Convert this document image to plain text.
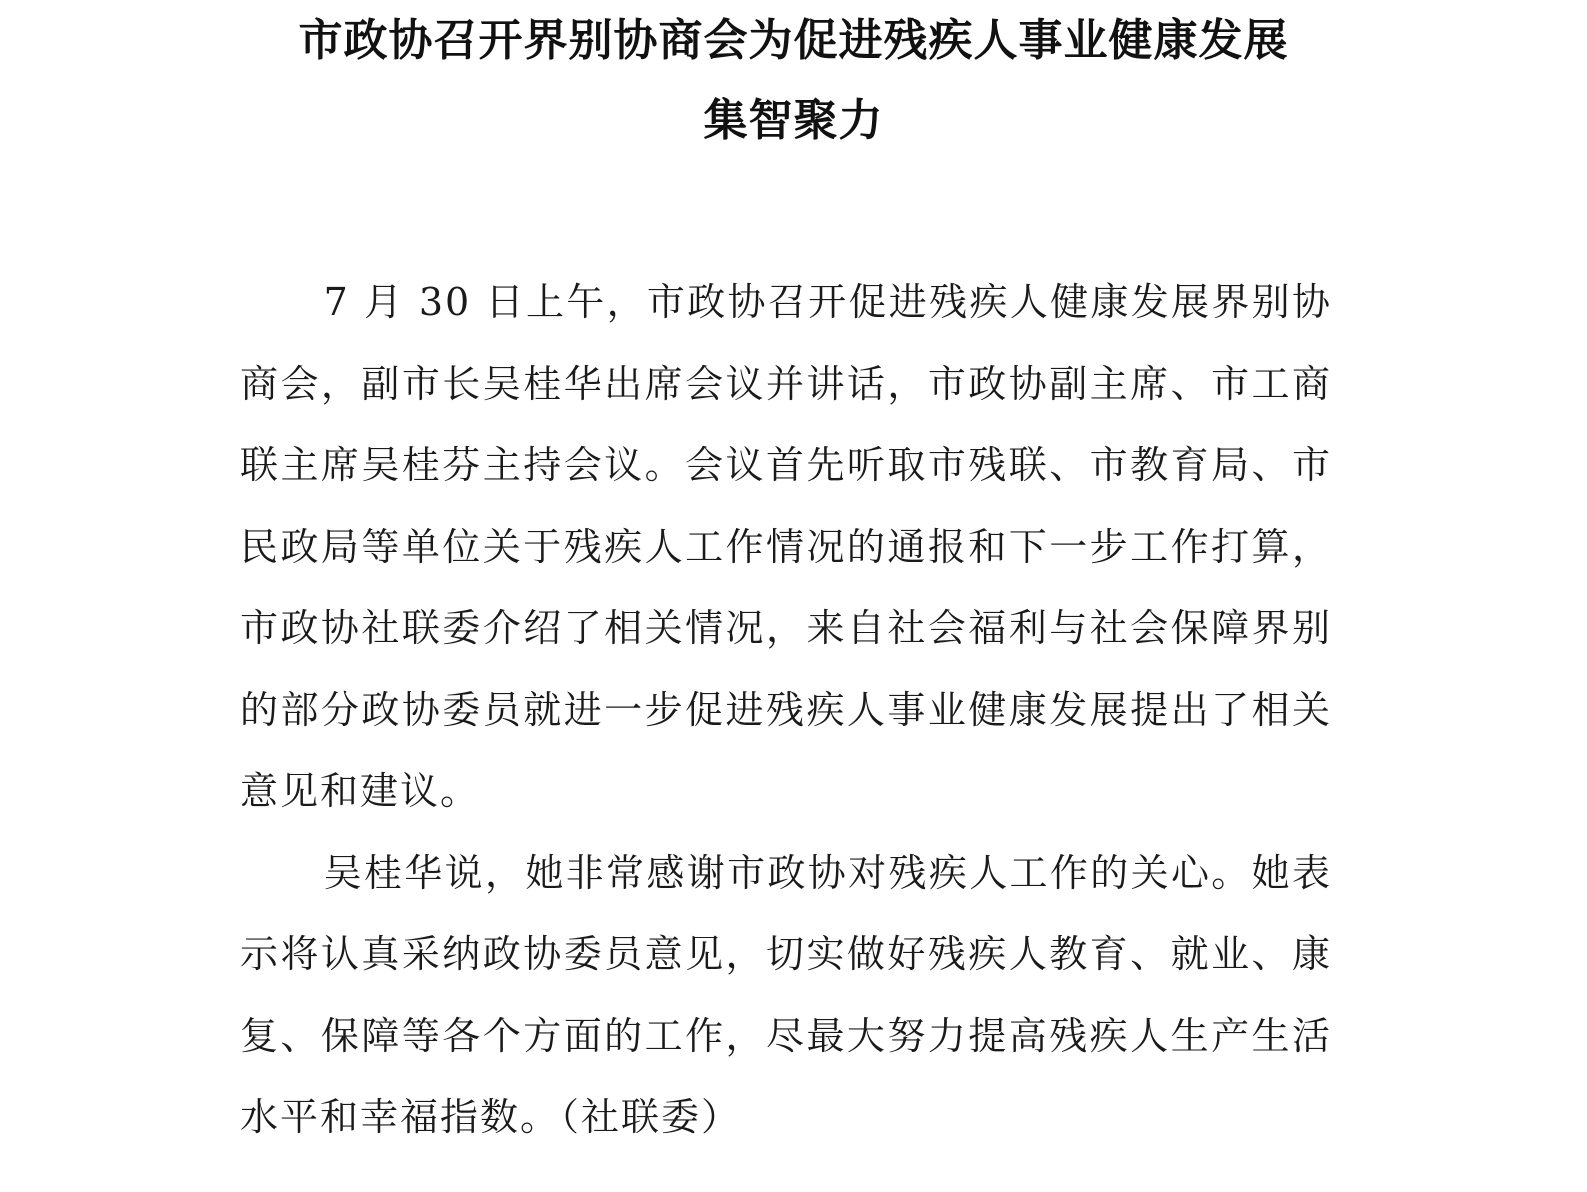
市政协召开界别协商会为促进残疾人事业健康发展
集智聚力

7 月 30 日上午，市政协召开促进残疾人健康发展界别协商会，副市长吴桂华出席会议并讲话，市政协副主席、市工商联主席吴桂芬主持会议。会议首先听取市残联、市教育局、市民政局等单位关于残疾人工作情况的通报和下一步工作打算，市政协社联委介绍了相关情况，来自社会福利与社会保障界别的部分政协委员就进一步促进残疾人事业健康发展提出了相关意见和建议。

吴桂华说，她非常感谢市政协对残疾人工作的关心。她表示将认真采纳政协委员意见，切实做好残疾人教育、就业、康复、保障等各个方面的工作，尽最大努力提高残疾人生产生活水平和幸福指数。（社联委）
